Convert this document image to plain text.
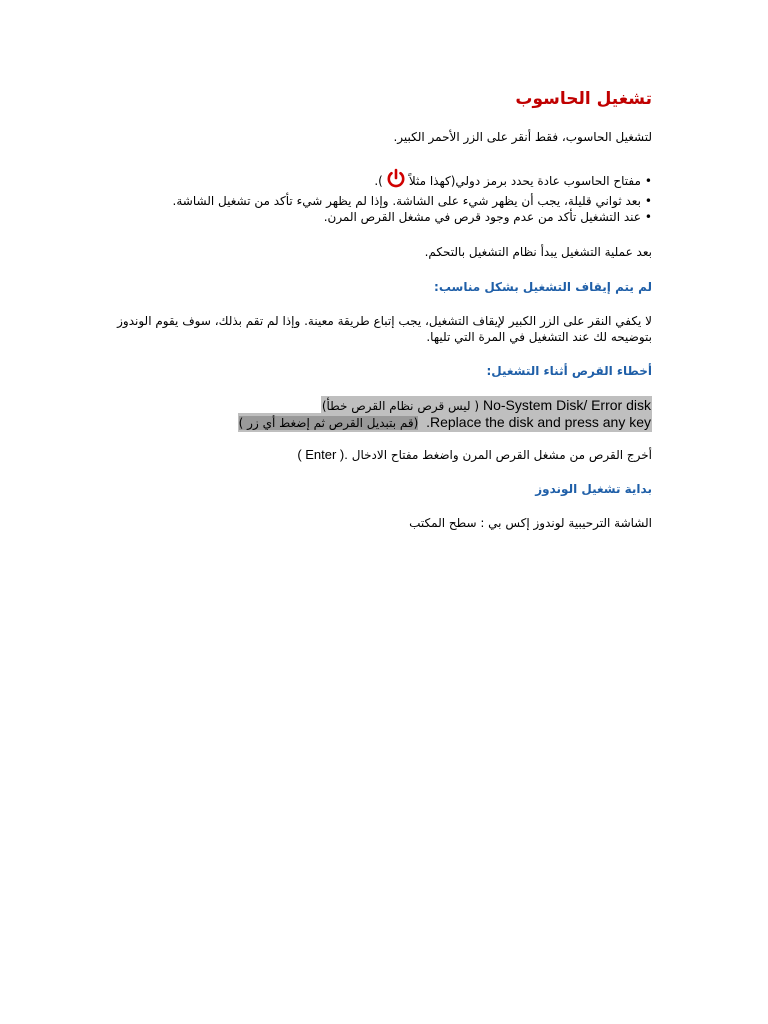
تشغيل الحاسوب
لتشغيل الحاسوب، فقط أنقر على الزر الأحمر الكبير.
•مفتاح الحاسوب عادة يحدد برمز دولي(كهذا مثلاً).
•بعد ثواني قليلة، يجب أن يظهر شيء على الشاشة. وإذا لم يظهر شيء تأكد من تشغيل الشاشة.
•عند التشغيل تأكد من عدم وجود قرص في مشغل القرص المرن.
بعد عملية التشغيل يبدأ نظام التشغيل بالتحكم.
لم يتم إيقاف التشغيل بشكل مناسب:
لا يكفي النقر على الزر الكبير لإيقاف التشغيل، يجب إتباع طريقة معينة. وإذا لم تقم بذلك، سوف يقوم الوندوز
بتوضيحه لك عند التشغيل في المرة التي تليها.
أخطاء القرص أثناء التشغيل:
( ليس قرص نظام القرص خطأ) No-System Disk/ Error disk
(قم بتبديل القرص ثم إضغط أي زر ) .Replace the disk and press any key
أخرج القرص من مشغل القرص المرن واضغط مفتاح الادخال ( Enter ).
بداية تشغيل الوندوز
الشاشة الترحيبية لوندوز إكس بي : سطح المكتب
